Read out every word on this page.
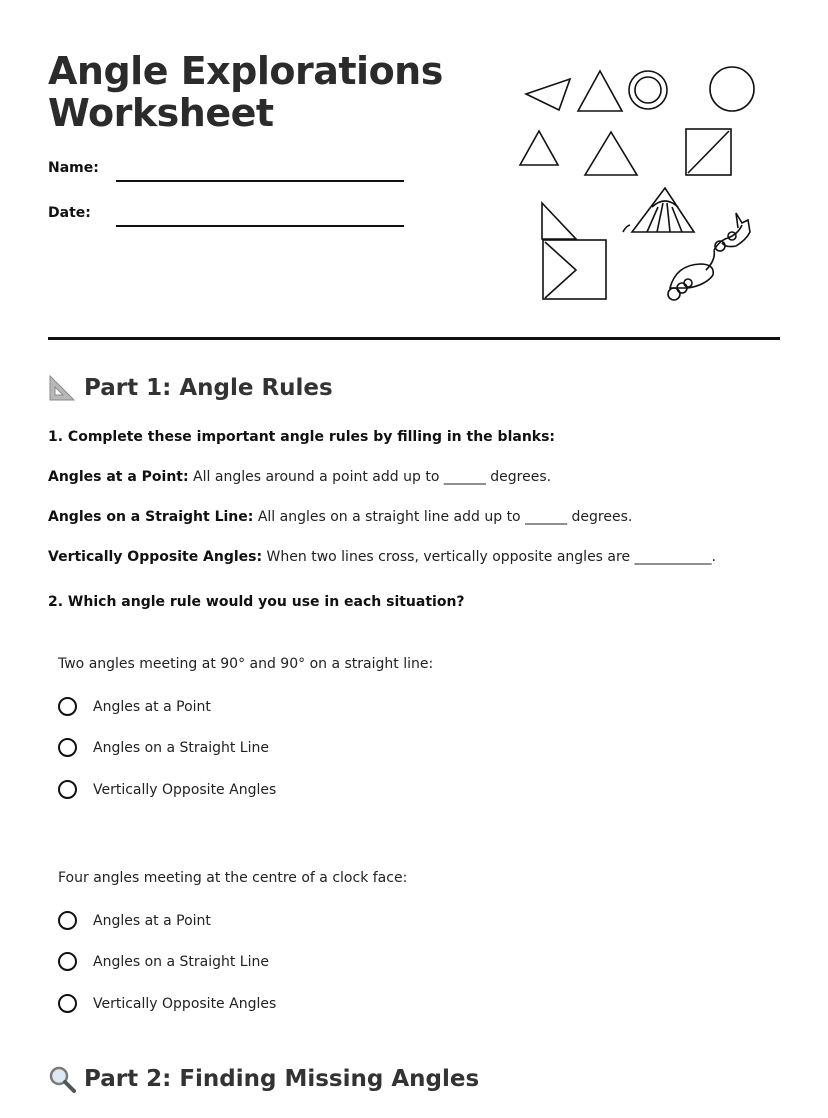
Angle Explorations
Worksheet
Name:
Date:
Part 1: Angle Rules

1. Complete these important angle rules by filling in the blanks:

Angles at a Point: All angles around a point add up to ______ degrees.

Angles on a Straight Line: All angles on a straight line add up to ______ degrees.

Vertically Opposite Angles: When two lines cross, vertically opposite angles are ___________.

2. Which angle rule would you use in each situation?

Two angles meeting at 90° and 90° on a straight line:
Angles at a Point
Angles on a Straight Line
Vertically Opposite Angles
Four angles meeting at the centre of a clock face:
Angles at a Point
Angles on a Straight Line
Vertically Opposite Angles
Part 2: Finding Missing Angles
